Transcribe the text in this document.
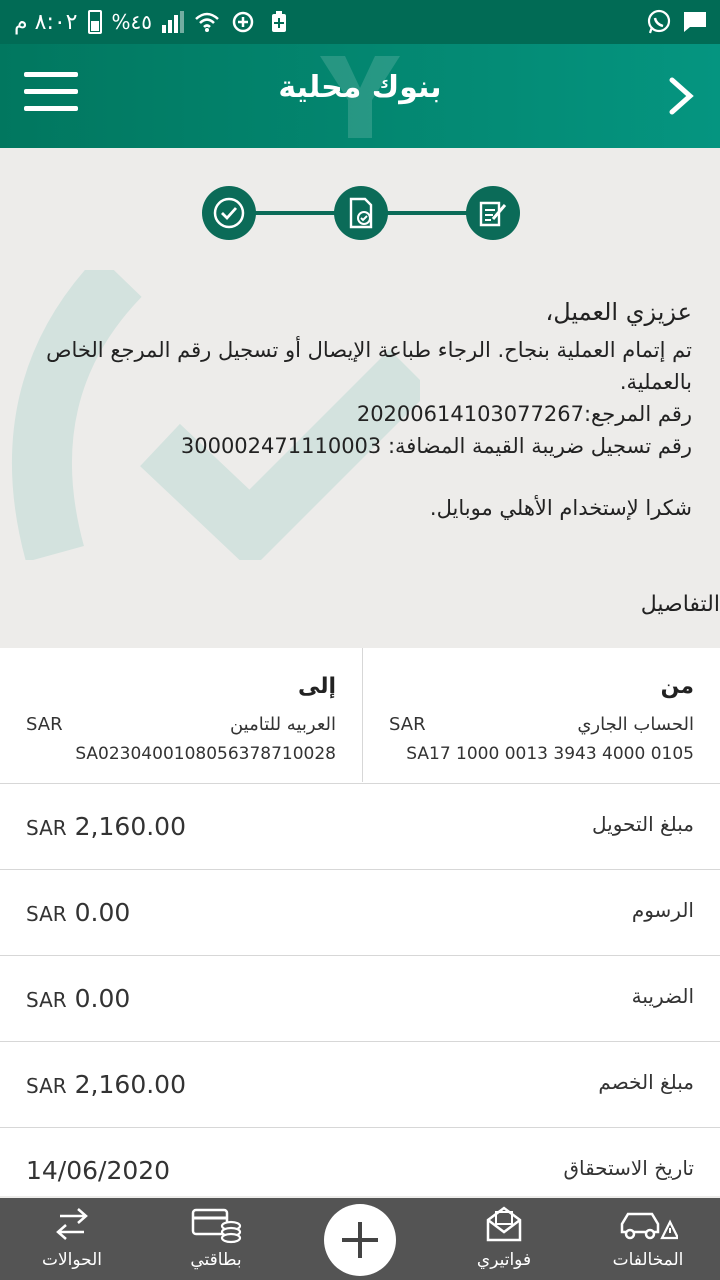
٨:٠٢ م %٤٥
بنوك محلية
عزيزي العميل،
تم إتمام العملية بنجاح. الرجاء طباعة الإيصال أو تسجيل رقم المرجع الخاص بالعملية.
رقم المرجع:20200614103077267
رقم تسجيل ضريبة القيمة المضافة: 300002471110003
شكرا لإستخدام الأهلي موبايل.
التفاصيل
من
الحساب الجاري
SAR
SA17 1000 0013 3943 4000 0105
إلى
العربيه للتامين
SAR
SA0230400108056378710028
مبلغ التحويل
SAR 2,160.00
الرسوم
SAR 0.00
الضريبة
SAR 0.00
مبلغ الخصم
SAR 2,160.00
تاريخ الاستحقاق
14/06/2020
الحوالات	بطاقتي	فواتيري	المخالفات
